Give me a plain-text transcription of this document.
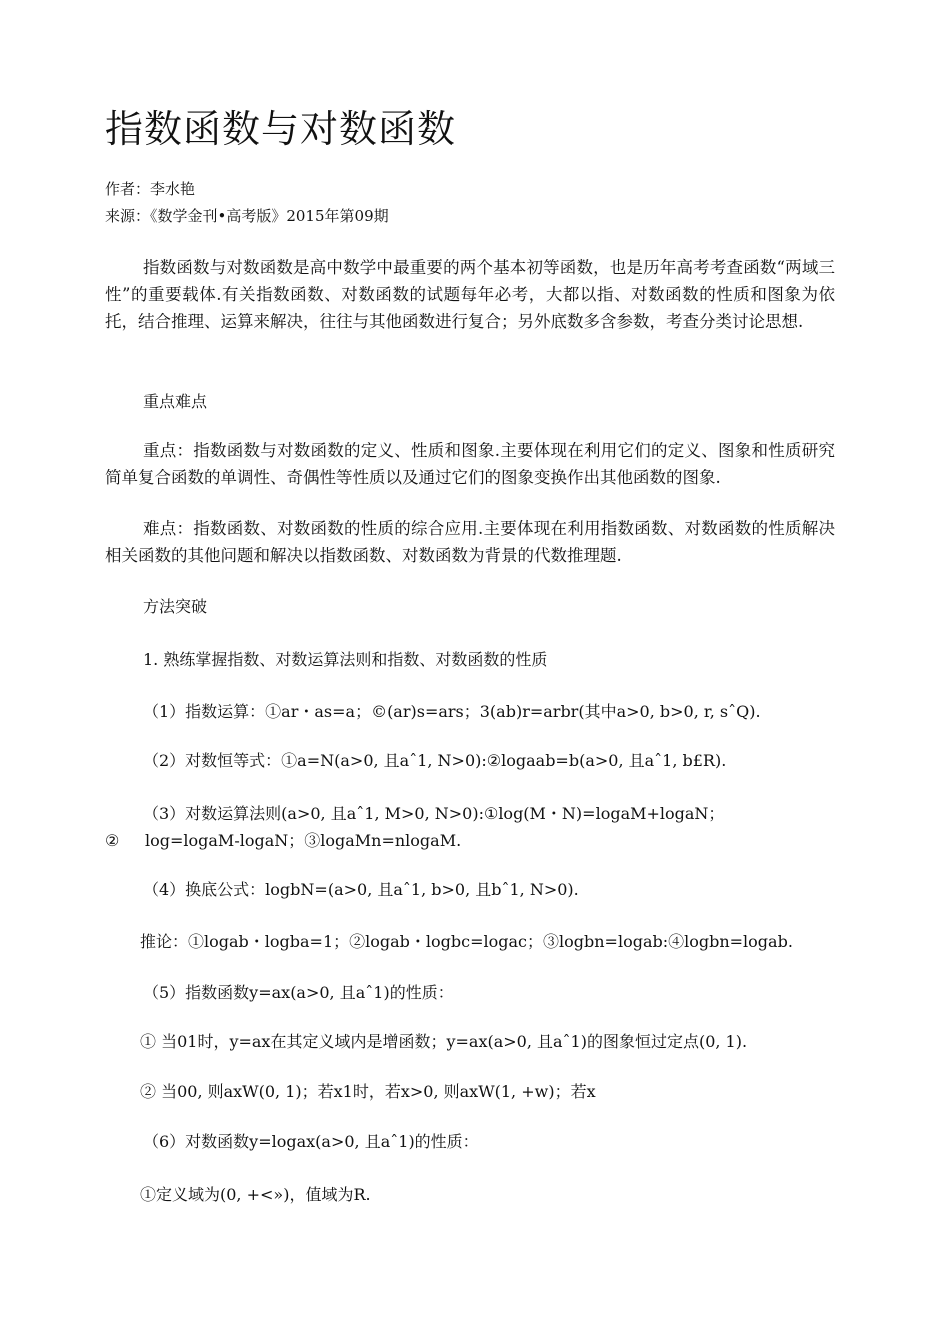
指数函数与对数函数
作者：李水艳
来源：《数学金刊•高考版》2015年第09期

指数函数与对数函数是高中数学中最重要的两个基本初等函数，也是历年高考考查函数“两域三性”的重要载体.有关指数函数、对数函数的试题每年必考，大都以指、对数函数的性质和图象为依托，结合推理、运算来解决，往往与其他函数进行复合；另外底数多含参数，考查分类讨论思想.

重点难点

重点：指数函数与对数函数的定义、性质和图象.主要体现在利用它们的定义、图象和性质研究简单复合函数的单调性、奇偶性等性质以及通过它们的图象变换作出其他函数的图象.

难点：指数函数、对数函数的性质的综合应用.主要体现在利用指数函数、对数函数的性质解决相关函数的其他问题和解决以指数函数、对数函数为背景的代数推理题.

方法突破

1. 熟练掌握指数、对数运算法则和指数、对数函数的性质

（1）指数运算：①ar・as=a；©(ar)s=ars；3(ab)r=arbr(其中a>0, b>0, r, sˆQ).

（2）对数恒等式：①a=N(a>0, 且aˆ1, N>0):②logaab=b(a>0, 且aˆ1, b£R).

（3）对数运算法则(a>0, 且aˆ1, M>0, N>0):①log(M・N)=logaM+logaN；

② log=logaM-logaN；③logaMn=nlogaM.

（4）换底公式：logbN=(a>0, 且aˆ1, b>0, 且bˆ1, N>0).

推论：①logab・logba=1；②logab・logbc=logac；③logbn=logab:④logbn=logab.

（5）指数函数y=ax(a>0, 且aˆ1)的性质：

① 当01时，y=ax在其定义域内是增函数；y=ax(a>0, 且aˆ1)的图象恒过定点(0, 1).

② 当00, 则axW(0, 1)；若x1时，若x>0, 则axW(1, +w)；若x

（6）对数函数y=logax(a>0, 且aˆ1)的性质：

①定义域为(0, +<»)，值域为R.
